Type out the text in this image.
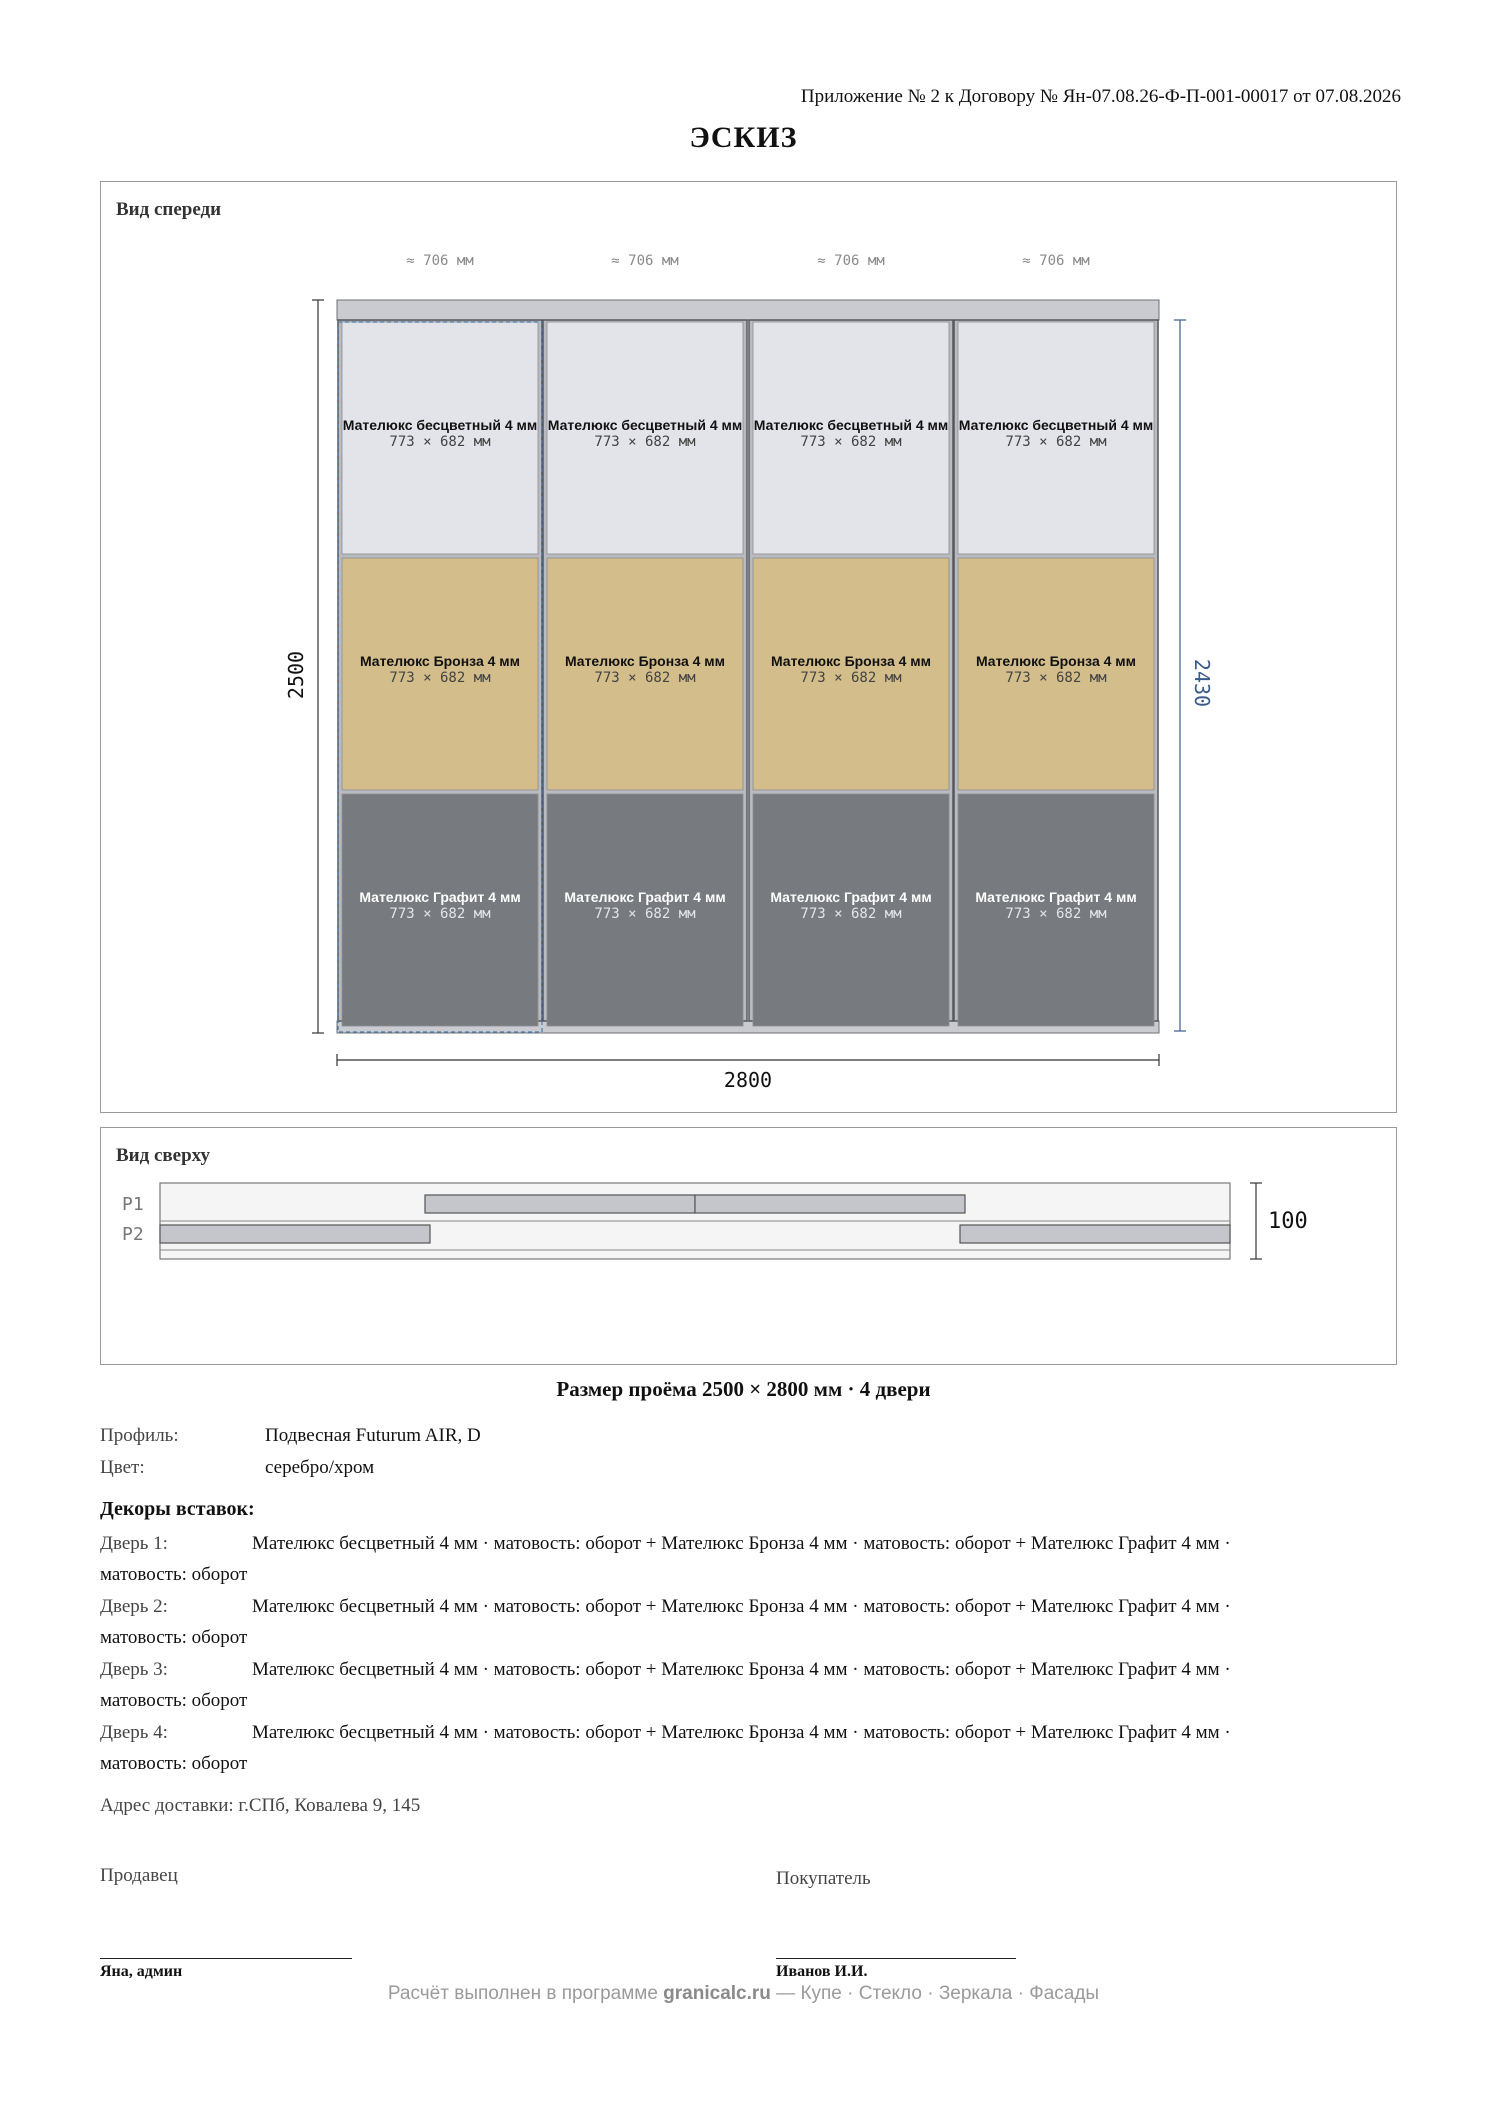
Приложение № 2 к Договору № Ян-07.08.26-Ф-П-001-00017 от 07.08.2026
ЭСКИЗ
Вид спереди
Вид сверху
Мателюкс бесцветный 4 мм
773 × 682 мм
Мателюкс Бронза 4 мм
773 × 682 мм
Мателюкс Графит 4 мм
773 × 682 мм
Мателюкс бесцветный 4 мм
773 × 682 мм
Мателюкс Бронза 4 мм
773 × 682 мм
Мателюкс Графит 4 мм
773 × 682 мм
Мателюкс бесцветный 4 мм
773 × 682 мм
Мателюкс Бронза 4 мм
773 × 682 мм
Мателюкс Графит 4 мм
773 × 682 мм
Мателюкс бесцветный 4 мм
773 × 682 мм
Мателюкс Бронза 4 мм
773 × 682 мм
Мателюкс Графит 4 мм
773 × 682 мм
≈ 706 мм	≈ 706 мм	≈ 706 мм	≈ 706 мм
2500	2430
2800
P1
P2
100
Размер проёма 2500 × 2800 мм · 4 двери
Профиль:	Подвесная Futurum AIR, D
Цвет:	серебро/хром
Декоры вставок:
Дверь 1:	Мателюкс бесцветный 4 мм · матовость: оборот + Мателюкс Бронза 4 мм · матовость: оборот + Мателюкс Графит 4 мм ·
матовость: оборот
Дверь 2:	Мателюкс бесцветный 4 мм · матовость: оборот + Мателюкс Бронза 4 мм · матовость: оборот + Мателюкс Графит 4 мм ·
матовость: оборот
Дверь 3:	Мателюкс бесцветный 4 мм · матовость: оборот + Мателюкс Бронза 4 мм · матовость: оборот + Мателюкс Графит 4 мм ·
матовость: оборот
Дверь 4:	Мателюкс бесцветный 4 мм · матовость: оборот + Мателюкс Бронза 4 мм · матовость: оборот + Мателюкс Графит 4 мм ·
матовость: оборот
Адрес доставки: г.СПб, Ковалева 9, 145
Продавец
Яна, админ
Покупатель
Иванов И.И.
Расчёт выполнен в программе granicalc.ru — Купе · Стекло · Зеркала · Фасады
